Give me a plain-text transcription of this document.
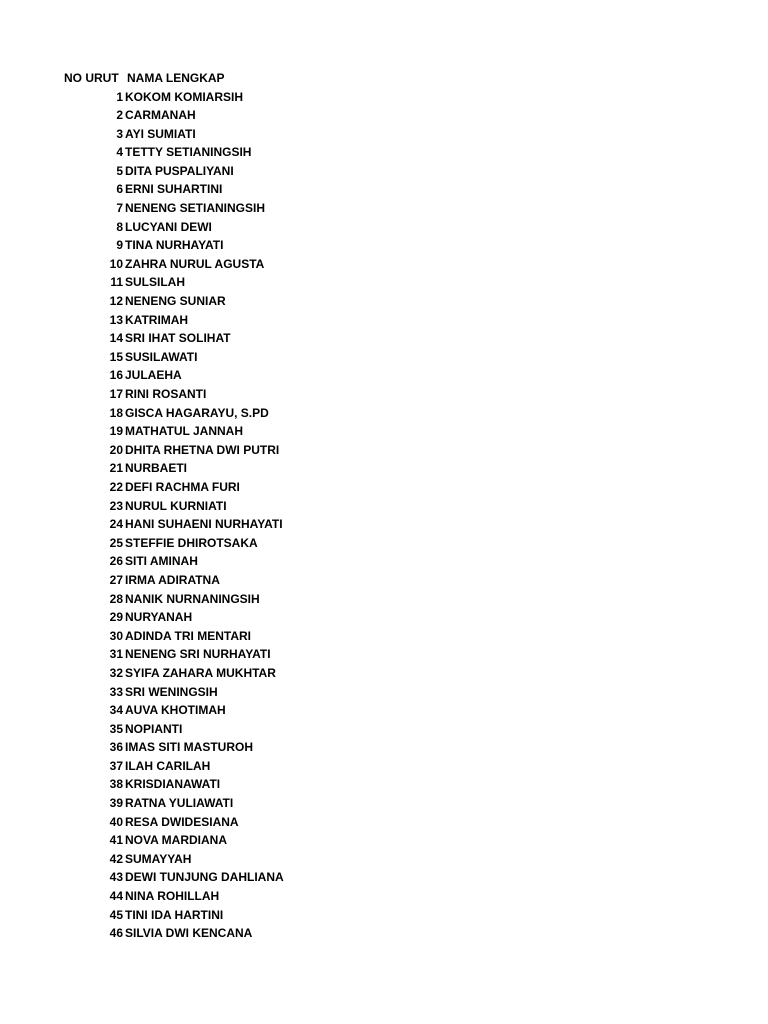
NO URUT NAMA LENGKAP
1 KOKOM KOMIARSIH
2 CARMANAH
3 AYI SUMIATI
4 TETTY SETIANINGSIH
5 DITA PUSPALIYANI
6 ERNI SUHARTINI
7 NENENG SETIANINGSIH
8 LUCYANI DEWI
9 TINA NURHAYATI
10 ZAHRA NURUL AGUSTA
11 SULSILAH
12 NENENG SUNIAR
13 KATRIMAH
14 SRI IHAT SOLIHAT
15 SUSILAWATI
16 JULAEHA
17 RINI ROSANTI
18 GISCA HAGARAYU, S.PD
19 MATHATUL JANNAH
20 DHITA RHETNA DWI PUTRI
21 NURBAETI
22 DEFI RACHMA FURI
23 NURUL KURNIATI
24 HANI SUHAENI NURHAYATI
25 STEFFIE DHIROTSAKA
26 SITI AMINAH
27 IRMA ADIRATNA
28 NANIK NURNANINGSIH
29 NURYANAH
30 ADINDA TRI MENTARI
31 NENENG SRI NURHAYATI
32 SYIFA ZAHARA MUKHTAR
33 SRI WENINGSIH
34 AUVA KHOTIMAH
35 NOPIANTI
36 IMAS SITI MASTUROH
37 ILAH CARILAH
38 KRISDIANAWATI
39 RATNA YULIAWATI
40 RESA DWIDESIANA
41 NOVA MARDIANA
42 SUMAYYAH
43 DEWI TUNJUNG DAHLIANA
44 NINA ROHILLAH
45 TINI IDA HARTINI
46 SILVIA DWI KENCANA
